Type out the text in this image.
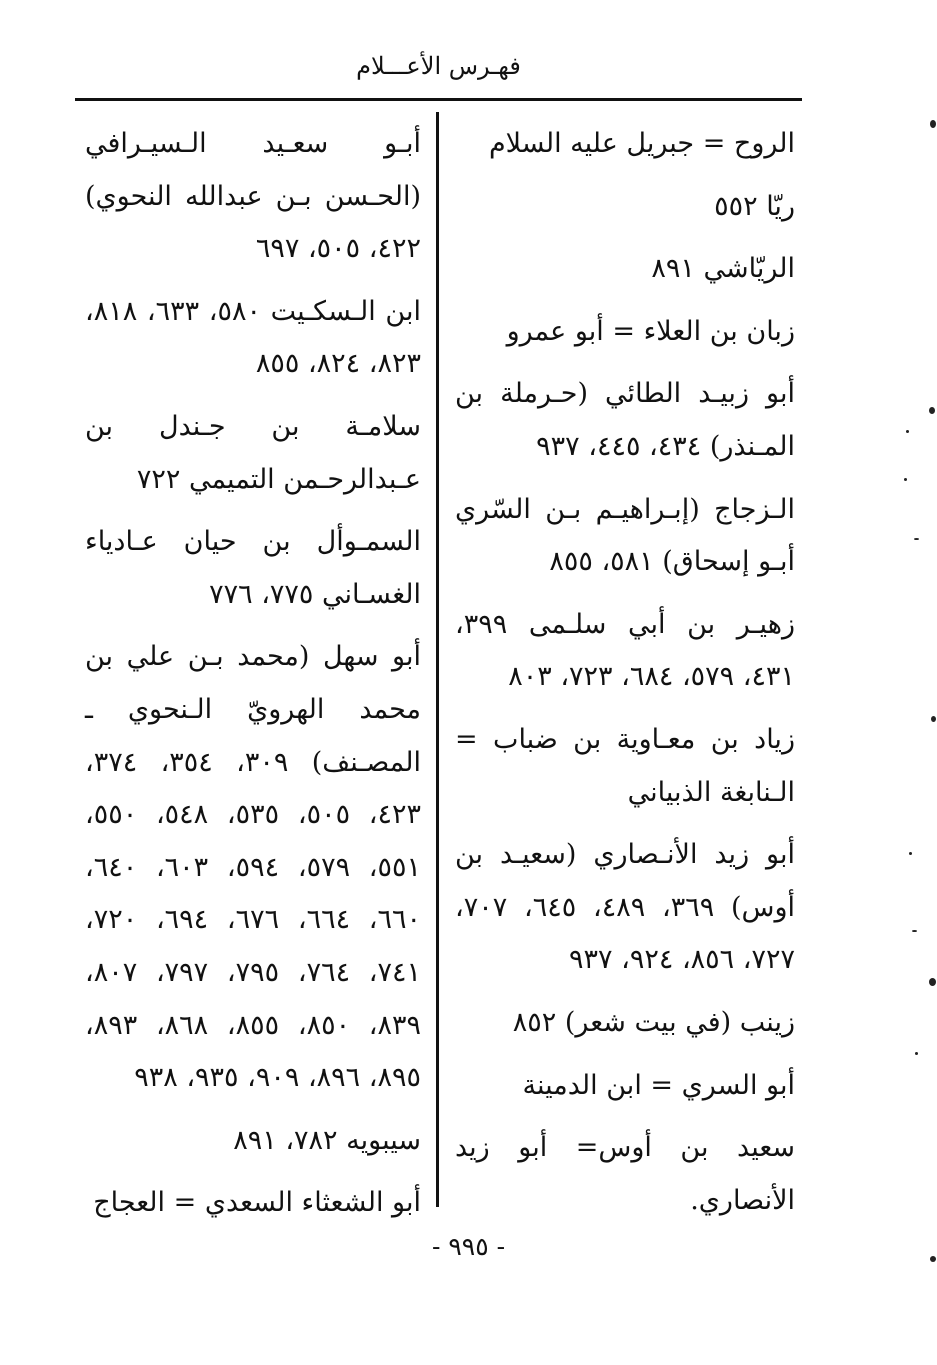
فهـرس الأعـــلام

الروح = جبريل عليه السلام

ريّا ٥٥٢

الريّاشي ٨٩١

زبان بن العلاء = أبو عمرو

أبو زبيـد الطائي (حـرملة بن المـنذر) ٤٣٤، ٤٤٥، ٩٣٧

الـزجاج (إبـراهيـم بـن السّري أبـو إسحاق) ٥٨١، ٨٥٥

زهيـر بن أبي سلـمى ٣٩٩، ٤٣١، ٥٧٩، ٦٨٤، ٧٢٣، ٨٠٣

زياد بن معـاوية بن ضباب = الـنابغة الذبياني

أبو زيد الأنـصاري (سعيـد بن أوس) ٣٦٩، ٤٨٩، ٦٤٥، ٧٠٧، ٧٢٧، ٨٥٦، ٩٢٤، ٩٣٧

زينب (في بيت شعر) ٨٥٢

أبو السري = ابن الدمينة

سعيد بن أوس= أبو زيد الأنصاري.

أبـو سعـيد الـسيـرافي (الحـسن بـن عبدالله النحوي) ٤٢٢، ٥٠٥، ٦٩٧

ابن الـسكـيت ٥٨٠، ٦٣٣، ٨١٨، ٨٢٣، ٨٢٤، ٨٥٥

سلامـة بن جـندل بن عـبدالرحـمن التميمي ٧٢٢

السمـوأل بن حيان عـادياء الغسـاني ٧٧٥، ٧٧٦

أبو سهل (محمد بـن علي بن محمد الهرويّ الـنحوي ـ المصـنف) ٣٠٩، ٣٥٤، ٣٧٤، ٤٢٣، ٥٠٥، ٥٣٥، ٥٤٨، ٥٥٠، ٥٥١، ٥٧٩، ٥٩٤، ٦٠٣، ٦٤٠، ٦٦٠، ٦٦٤، ٦٧٦، ٦٩٤، ٧٢٠، ٧٤١، ٧٦٤، ٧٩٥، ٧٩٧، ٨٠٧، ٨٣٩، ٨٥٠، ٨٥٥، ٨٦٨، ٨٩٣، ٨٩٥، ٨٩٦، ٩٠٩، ٩٣٥، ٩٣٨

سيبويه ٧٨٢، ٨٩١

أبو الشعثاء السعدي = العجاج

- ٩٩٥ -
